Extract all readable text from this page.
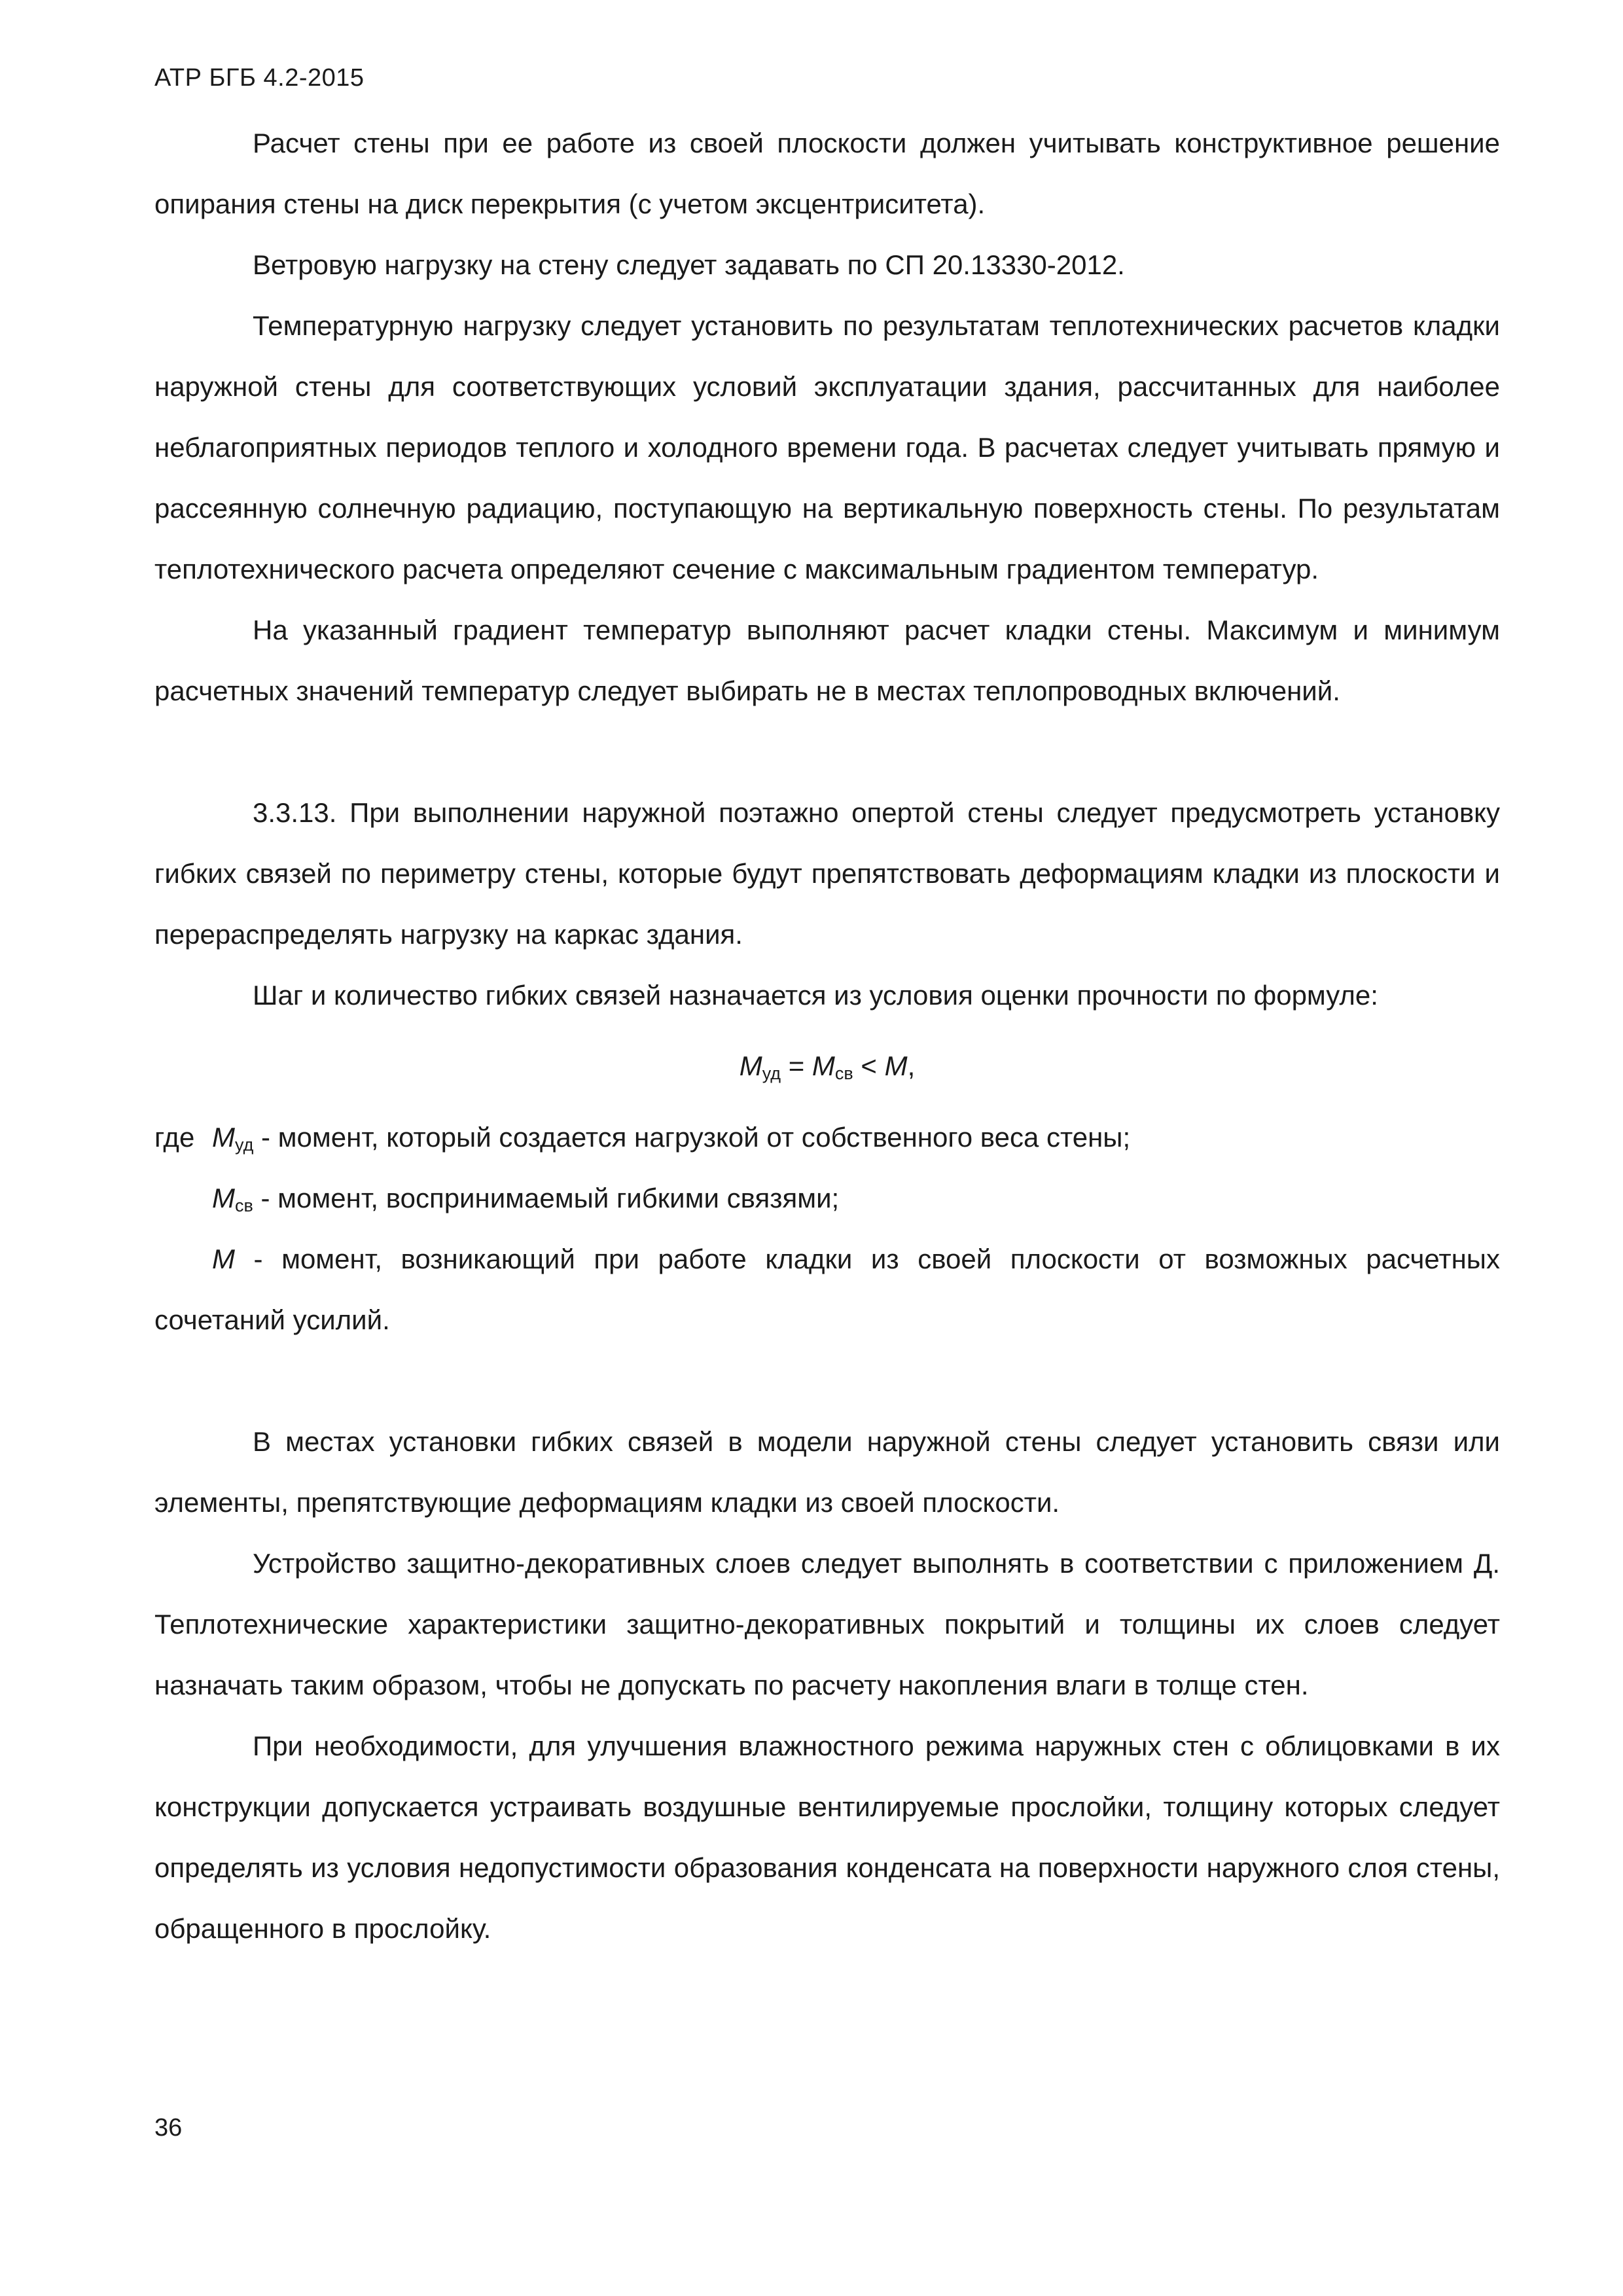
АТР БГБ 4.2-2015

Расчет стены при ее работе из своей плоскости должен учитывать конструктивное решение опирания стены на диск перекрытия (с учетом эксцентриситета).

Ветровую нагрузку на стену следует задавать по СП 20.13330-2012.

Температурную нагрузку следует установить по результатам теплотехнических расчетов кладки наружной стены для соответствующих условий эксплуатации здания, рассчитанных для наиболее неблагоприятных периодов теплого и холодного времени года. В расчетах следует учитывать прямую и рассеянную солнечную радиацию, поступающую на вертикальную поверхность стены. По результатам теплотехнического расчета определяют сечение с максимальным градиентом температур.

На указанный градиент температур выполняют расчет кладки стены. Максимум и минимум расчетных значений температур следует выбирать не в местах теплопроводных включений.

3.3.13. При выполнении наружной поэтажно опертой стены следует предусмотреть установку гибких связей по периметру стены, которые будут препятствовать деформациям кладки из плоскости и перераспределять нагрузку на каркас здания.

Шаг и количество гибких связей назначается из условия оценки прочности по формуле:

$M_{уд} = M_{св} < M$,

где $M_{уд}$ - момент, который создается нагрузкой от собственного веса стены;

$M_{св}$ - момент, воспринимаемый гибкими связями;

M - момент, возникающий при работе кладки из своей плоскости от возможных расчетных сочетаний усилий.

В местах установки гибких связей в модели наружной стены следует установить связи или элементы, препятствующие деформациям кладки из своей плоскости.

Устройство защитно-декоративных слоев следует выполнять в соответствии с приложением Д. Теплотехнические характеристики защитно-декоративных покрытий и толщины их слоев следует назначать таким образом, чтобы не допускать по расчету накопления влаги в толще стен.

При необходимости, для улучшения влажностного режима наружных стен с облицовками в их конструкции допускается устраивать воздушные вентилируемые прослойки, толщину которых следует определять из условия недопустимости образования конденсата на поверхности наружного слоя стены, обращенного в прослойку.

36
